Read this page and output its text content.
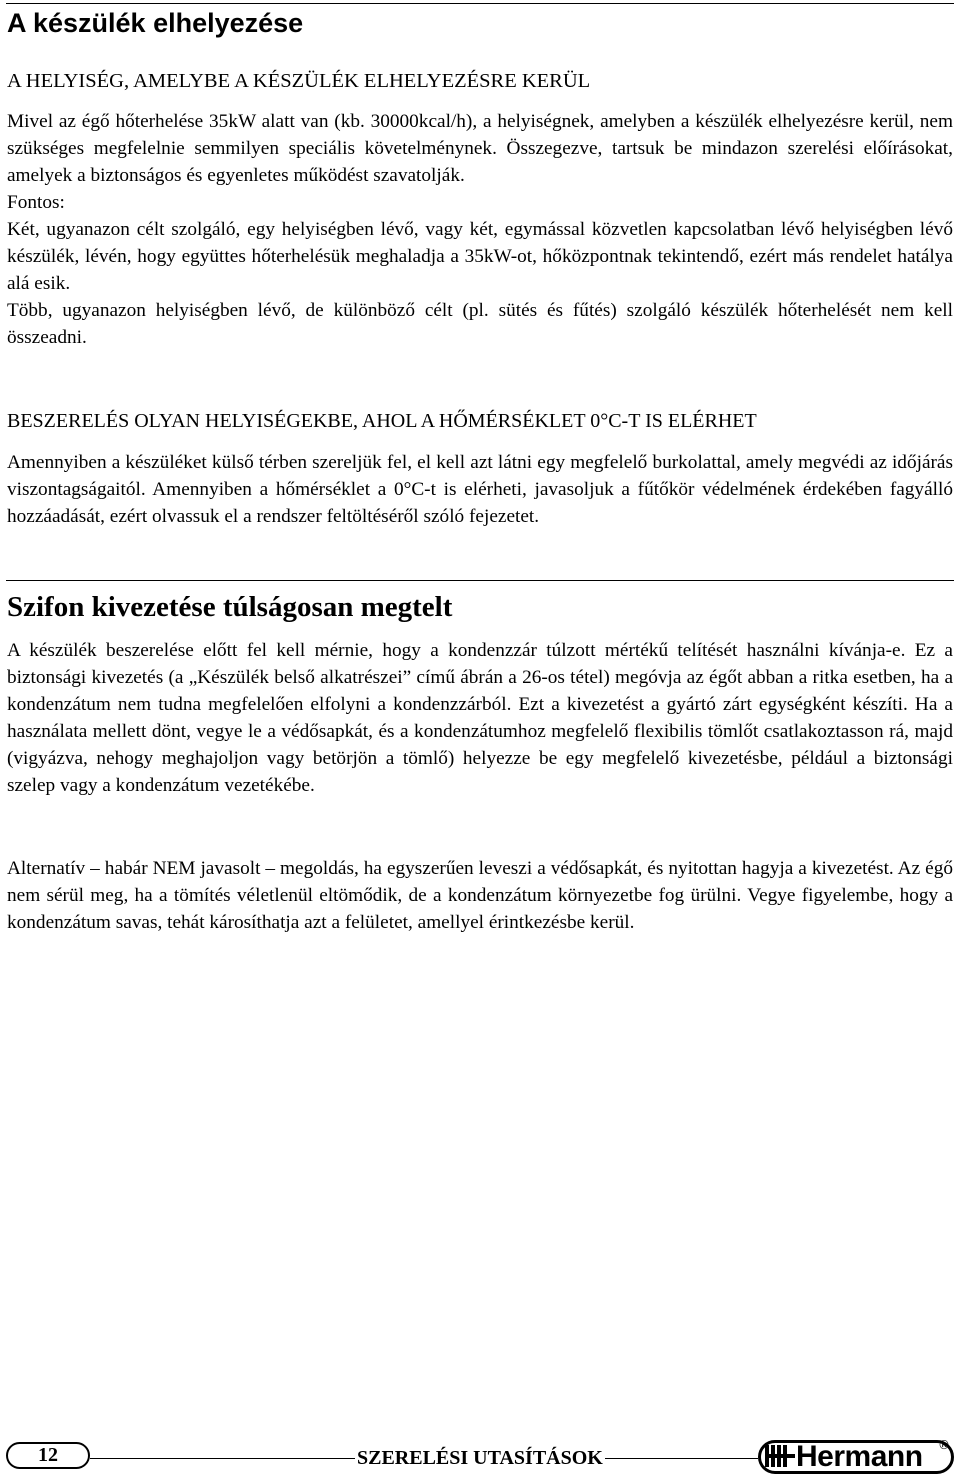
A készülék elhelyezése
A HELYISÉG, AMELYBE A KÉSZÜLÉK ELHELYEZÉSRE KERÜL
Mivel az égő hőterhelése 35kW alatt van (kb. 30000kcal/h), a helyiségnek, amelyben a készülék elhelyezésre kerül, nem szükséges megfelelnie semmilyen speciális követelménynek. Összegezve, tartsuk be mindazon szerelési előírásokat, amelyek a biztonságos és egyenletes működést szavatolják.
Fontos:
Két, ugyanazon célt szolgáló, egy helyiségben lévő, vagy két, egymással közvetlen kapcsolatban lévő helyiségben lévő készülék, lévén, hogy együttes hőterhelésük meghaladja a 35kW-ot, hőközpontnak tekintendő, ezért más rendelet hatálya alá esik.
Több, ugyanazon helyiségben lévő, de különböző célt (pl. sütés és fűtés) szolgáló készülék hőterhelését nem kell összeadni.
BESZERELÉS OLYAN HELYISÉGEKBE, AHOL A HŐMÉRSÉKLET 0°C-T IS ELÉRHET
Amennyiben a készüléket külső térben szereljük fel, el kell azt látni egy megfelelő burkolattal, amely megvédi az időjárás viszontagságaitól. Amennyiben a hőmérséklet a 0°C-t is elérheti, javasoljuk a fűtőkör védelmének érdekében fagyálló hozzáadását, ezért olvassuk el a rendszer feltöltéséről szóló fejezetet.
Szifon kivezetése túlságosan megtelt
A készülék beszerelése előtt fel kell mérnie, hogy a kondenzzár túlzott mértékű telítését használni kívánja-e. Ez a biztonsági kivezetés (a „Készülék belső alkatrészei” című ábrán a 26-os tétel) megóvja az égőt abban a ritka esetben, ha a kondenzátum nem tudna megfelelően elfolyni a kondenzzárból. Ezt a kivezetést a gyártó zárt egységként készíti. Ha a használata mellett dönt, vegye le a védősapkát, és a kondenzátumhoz megfelelő flexibilis tömlőt csatlakoztasson rá, majd (vigyázva, nehogy meghajoljon vagy betörjön a tömlő) helyezze be egy megfelelő kivezetésbe, például a biztonsági szelep vagy a kondenzátum vezetékébe.
Alternatív – habár NEM javasolt – megoldás, ha egyszerűen leveszi a védősapkát, és nyitottan hagyja a kivezetést. Az égő nem sérül meg, ha a tömítés véletlenül eltömődik, de a kondenzátum környezetbe fog ürülni. Vegye figyelembe, hogy a kondenzátum savas, tehát károsíthatja azt a felületet, amellyel érintkezésbe kerül.
12	SZERELÉSI UTASÍTÁSOK	Hermann ®
